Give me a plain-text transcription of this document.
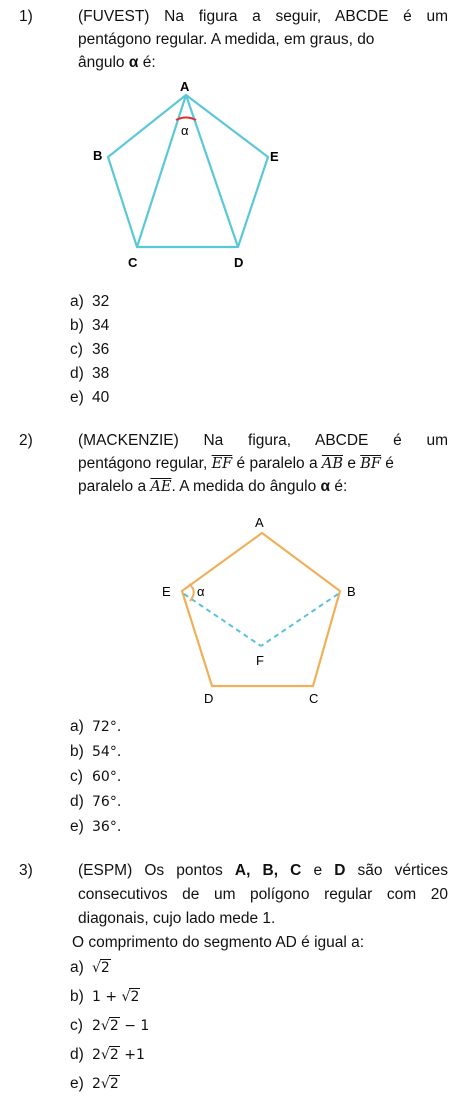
1)	(FUVEST) Na figura a seguir, ABCDE é um
pentágono regular. A medida, em graus, do
ângulo α é:
A
B	E
C	D
α
a) 32
b) 34
c) 36
d) 38
e) 40
2)	(MACKENZIE) Na figura, ABCDE é um
pentágono regular, $\overline{EF}$ é paralelo a $\overline{AB}$ e $\overline{BF}$ é
paralelo a $\overline{AE}$. A medida do ângulo α é:
A
E α	B
F
D	C
a) 72°.
b) 54°.
c) 60°.
d) 76°.
e) 36°.
3)	(ESPM) Os pontos A, B, C e D são vértices
consecutivos de um polígono regular com 20
diagonais, cujo lado mede 1.
O comprimento do segmento AD é igual a:
a) √2
b) 1 + √2
c) 2√2 − 1
d) 2√2 +1
e) 2√2
